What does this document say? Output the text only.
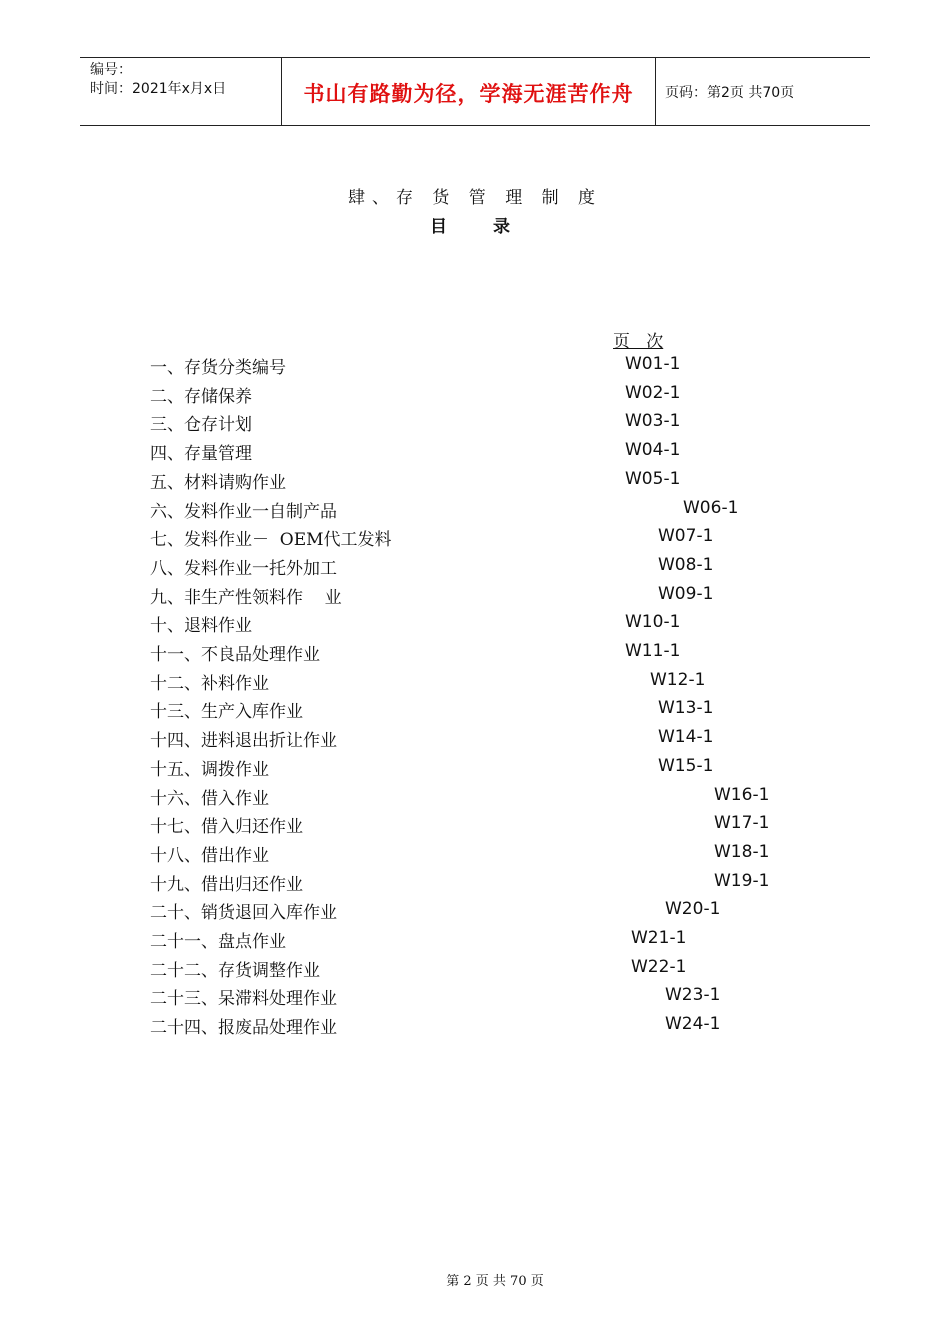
编号：
时间：2021年x月x日	书山有路勤为径，学海无涯苦作舟	页码：第2页 共70页
肆、存 货 管 理 制 度
目	录
页   次
一、存货分类编号	W01-1
二、存储保养	W02-1
三、仓存计划	W03-1
四、存量管理	W04-1
五、材料请购作业	W05-1
六、发料作业一自制产品	W06-1
七、发料作业－  OEM代工发料	W07-1
八、发料作业一托外加工	W08-1
九、非生产性领料作    业	W09-1
十、退料作业	W10-1
十一、不良品处理作业	W11-1
十二、补料作业	W12-1
十三、生产入库作业	W13-1
十四、进料退出折让作业	W14-1
十五、调拨作业	W15-1
十六、借入作业	W16-1
十七、借入归还作业	W17-1
十八、借出作业	W18-1
十九、借出归还作业	W19-1
二十、销货退回入库作业	W20-1
二十一、盘点作业	W21-1
二十二、存货调整作业	W22-1
二十三、呆滞料处理作业	W23-1
二十四、报废品处理作业	W24-1
第 2 页 共 70 页
